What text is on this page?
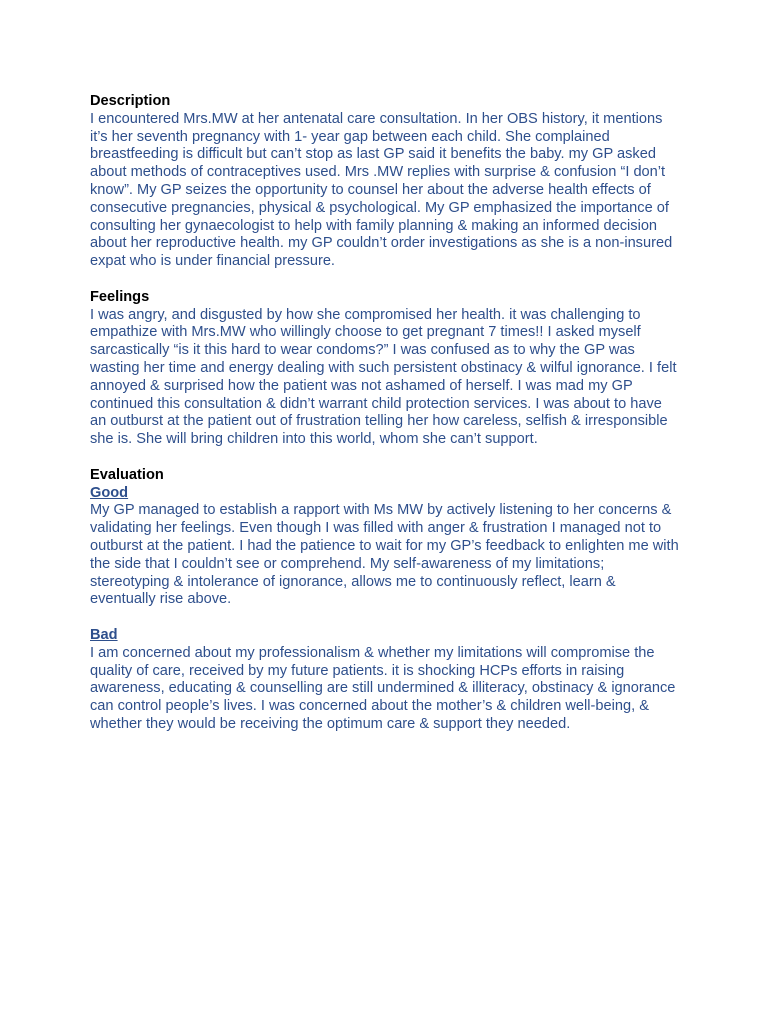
Description

I encountered Mrs.MW at her antenatal care consultation. In her OBS history, it mentions it’s her seventh pregnancy with 1- year gap between each child. She complained breastfeeding is difficult but can’t stop as last GP said it benefits the baby. my GP asked about methods of contraceptives used. Mrs .MW replies with surprise & confusion “I don’t know”. My GP seizes the opportunity to counsel her about the adverse health effects of consecutive pregnancies, physical & psychological. My GP emphasized the importance of consulting her gynaecologist to help with family planning & making an informed decision about her reproductive health. my GP couldn’t order investigations as she is a non-insured expat who is under financial pressure.

Feelings

I was angry, and disgusted by how she compromised her health. it was challenging to empathize with Mrs.MW who willingly choose to get pregnant 7 times!! I asked myself sarcastically “is it this hard to wear condoms?” I was confused as to why the GP was wasting her time and energy dealing with such persistent obstinacy & wilful ignorance. I felt annoyed & surprised how the patient was not ashamed of herself. I was mad my GP continued this consultation & didn’t warrant child protection services. I was about to have an outburst at the patient out of frustration telling her how careless, selfish & irresponsible she is. She will bring children into this world, whom she can’t support.

Evaluation

Good

My GP managed to establish a rapport with Ms MW by actively listening to her concerns & validating her feelings. Even though I was filled with anger & frustration I managed not to outburst at the patient. I had the patience to wait for my GP’s feedback to enlighten me with the side that I couldn’t see or comprehend. My self-awareness of my limitations; stereotyping & intolerance of ignorance, allows me to continuously reflect, learn & eventually rise above.

Bad

I am concerned about my professionalism & whether my limitations will compromise the quality of care, received by my future patients. it is shocking HCPs efforts in raising awareness, educating & counselling are still undermined & illiteracy, obstinacy & ignorance can control people’s lives. I was concerned about the mother’s & children well-being, & whether they would be receiving the optimum care & support they needed.
